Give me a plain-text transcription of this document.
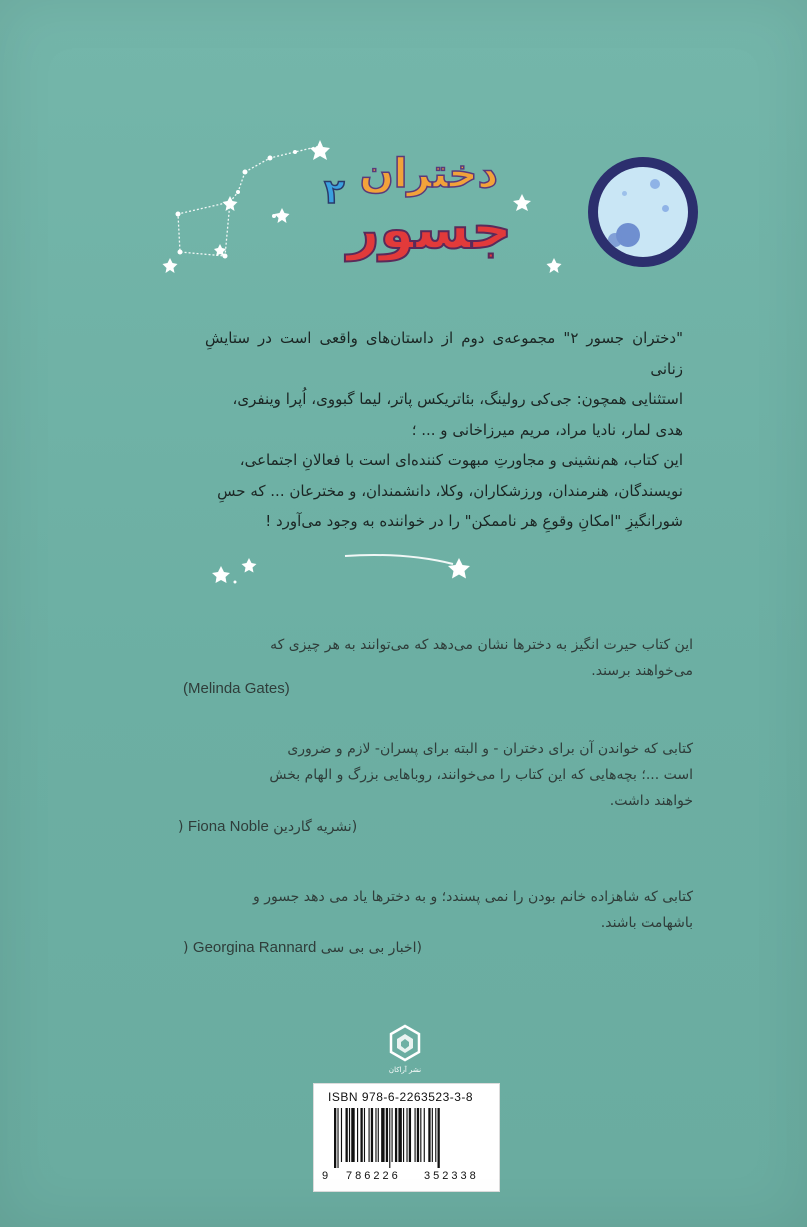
دختران
جسور
۲

"دختران جسور ۲" مجموعه‌ی دوم از داستان‌های واقعی است در ستایشِ زنانی

استثنایی همچون: جی‌کی رولینگ، بئاتریکس پاتر، لیما گبووی، اُپرا وینفری،

هدی لمار، نادیا مراد، مریم میرزاخانی و ... ؛

این کتاب، هم‌نشینی و مجاورتِ مبهوت کننده‌ای است با فعالانِ اجتماعی،

نویسندگان، هنرمندان، ورزشکاران، وکلا، دانشمندان، و مخترعان ... که حسِ

شورانگیزِ "امکانِ وقوعِ هر ناممکن" را در خواننده به وجود می‌آورد !

این کتاب حیرت انگیز به دخترها نشان می‌دهد که می‌توانند به هر چیزی که

می‌خواهند برسند.

(Melinda Gates)

کتابی که خواندن آن برای دختران - و البته برای پسران- لازم و ضروری

است ...؛ بچه‌هایی که این کتاب را می‌خوانند، روباهایی بزرگ و الهام بخش

خواهند داشت.

) Fiona Noble (نشریه گاردین

کتابی که شاهزاده خانم بودن را نمی پسندد؛ و به دخترها یاد می دهد جسور و

باشهامت باشند.

) Georgina Rannard (اخبار بی بی سی
نشر آراکان
ISBN 978-6-2263523-3-8
9 786226 352338
